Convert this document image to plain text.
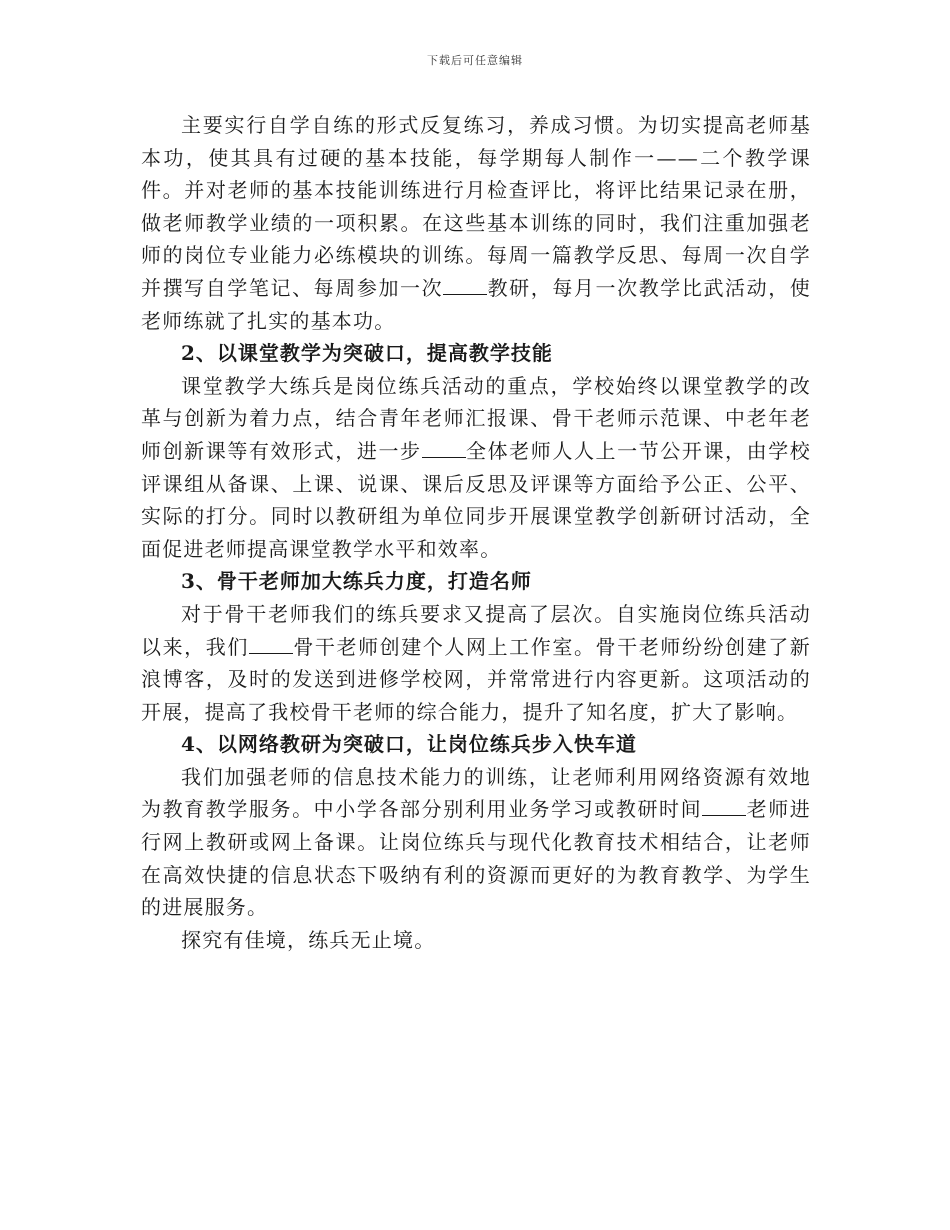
下载后可任意编辑

主要实行自学自练的形式反复练习，养成习惯。为切实提高老师基本功，使其具有过硬的基本技能，每学期每人制作一——二个教学课件。并对老师的基本技能训练进行月检查评比，将评比结果记录在册，做老师教学业绩的一项积累。在这些基本训练的同时，我们注重加强老师的岗位专业能力必练模块的训练。每周一篇教学反思、每周一次自学并撰写自学笔记、每周参加一次 教研，每月一次教学比武活动，使老师练就了扎实的基本功。

2、以课堂教学为突破口，提高教学技能

课堂教学大练兵是岗位练兵活动的重点，学校始终以课堂教学的改革与创新为着力点，结合青年老师汇报课、骨干老师示范课、中老年老师创新课等有效形式，进一步 全体老师人人上一节公开课，由学校评课组从备课、上课、说课、课后反思及评课等方面给予公正、公平、实际的打分。同时以教研组为单位同步开展课堂教学创新研讨活动，全面促进老师提高课堂教学水平和效率。

3、骨干老师加大练兵力度，打造名师

对于骨干老师我们的练兵要求又提高了层次。自实施岗位练兵活动以来，我们 骨干老师创建个人网上工作室。骨干老师纷纷创建了新浪博客，及时的发送到进修学校网，并常常进行内容更新。这项活动的开展，提高了我校骨干老师的综合能力，提升了知名度，扩大了影响。

4、以网络教研为突破口，让岗位练兵步入快车道

我们加强老师的信息技术能力的训练，让老师利用网络资源有效地为教育教学服务。中小学各部分别利用业务学习或教研时间 老师进行网上教研或网上备课。让岗位练兵与现代化教育技术相结合，让老师在高效快捷的信息状态下吸纳有利的资源而更好的为教育教学、为学生的进展服务。

探究有佳境，练兵无止境。
